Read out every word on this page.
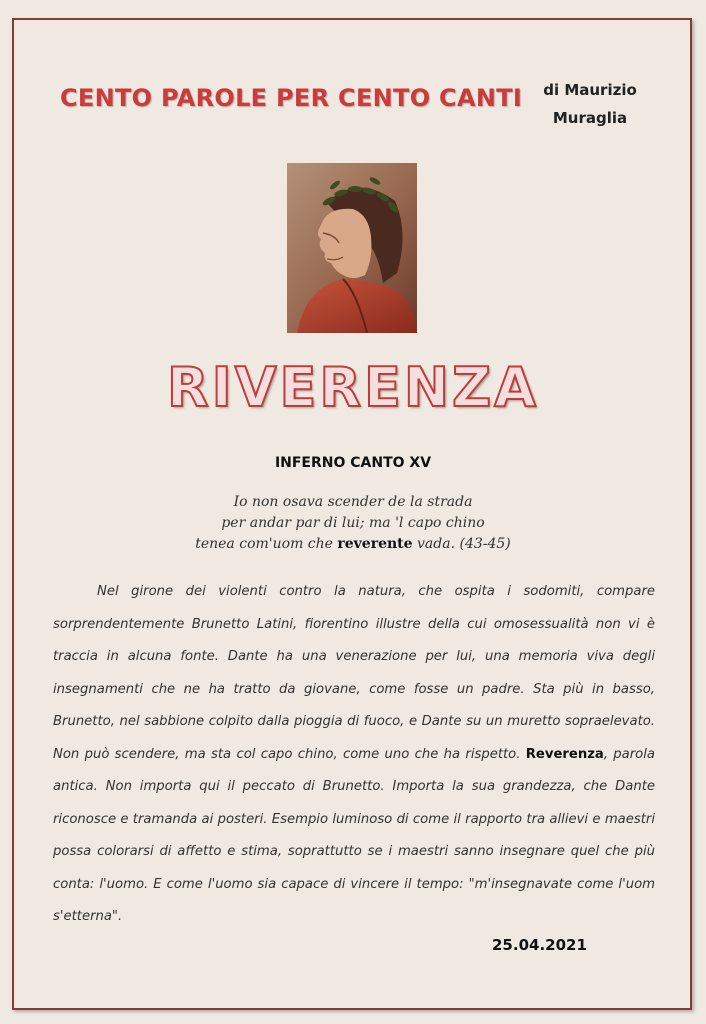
CENTO PAROLE PER CENTO CANTI	di Maurizio
Muraglia
RIVERENZA
INFERNO CANTO XV
Io non osava scender de la strada
per andar par di lui; ma 'l capo chino
tenea com'uom che reverente vada. (43-45)
Nel girone dei violenti contro la natura, che ospita i sodomiti, compare sorprendentemente Brunetto Latini, fiorentino illustre della cui omosessualità non vi è traccia in alcuna fonte. Dante ha una venerazione per lui, una memoria viva degli insegnamenti che ne ha tratto da giovane, come fosse un padre. Sta più in basso, Brunetto, nel sabbione colpito dalla pioggia di fuoco, e Dante su un muretto sopraelevato. Non può scendere, ma sta col capo chino, come uno che ha rispetto. Reverenza, parola antica. Non importa qui il peccato di Brunetto. Importa la sua grandezza, che Dante riconosce e tramanda ai posteri. Esempio luminoso di come il rapporto tra allievi e maestri possa colorarsi di affetto e stima, soprattutto se i maestri sanno insegnare quel che più conta: l'uomo. E come l'uomo sia capace di vincere il tempo: "m'insegnavate come l'uom s'etterna".
25.04.2021
